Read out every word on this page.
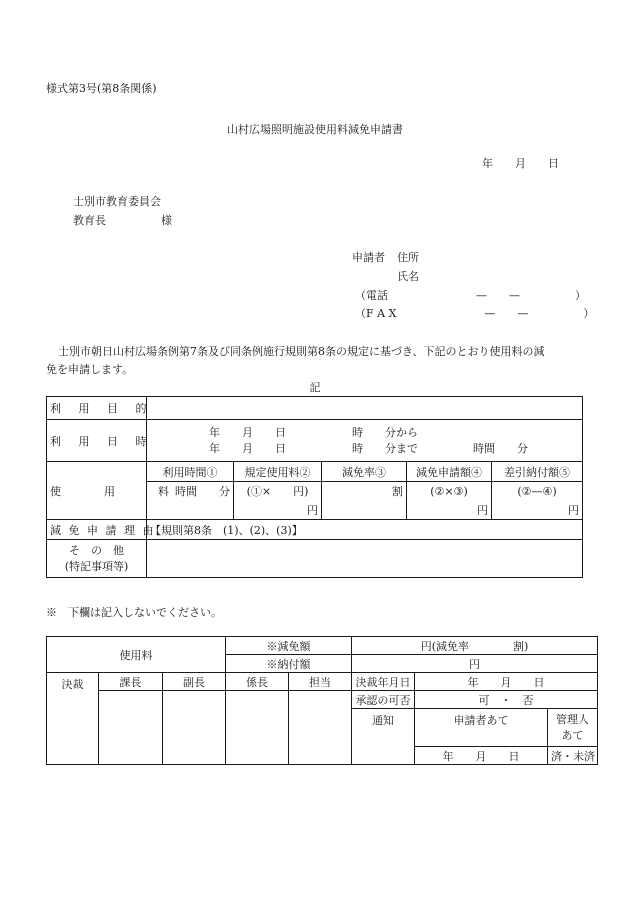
様式第3号(第8条関係)
山村広場照明施設使用料減免申請書
年　　月　　日
士別市教育委員会
教育長　　　　　様
申請者 住所
氏名
（電話　　　　　　　　—　　—　　　　　）
（F A X　　　　　　　　—　　—　　　　　）
士別市朝日山村広場条例第7条及び同条例施行規則第8条の規定に基づき、下記のとおり使用料の減
免を申請します。
記
利 用 目 的					
利 用 日 時	年　　月　　日　　　　　　時　　分から
年　　月　　日　　　　　　時　　分まで　　　　　時間　　分				

使　　用　　料	利用時間①	規定使用料②	減免率③	減免申請額④	差引納付額⑤
	時間　　分	(①×　　円)	割	(②×③)	(②—④)
		円		円	円
減 免 申 請 理 由	【規則第8条　(1)、(2)、(3)】				

そ　の　他
(特記事項等)					

※　下欄は記入しないでください。
使用料			※減免額		円(減免率　　　　割)		
			※納付額		円		
決裁	課長	副長	係長	担当	決裁年月日	年　　月　　日	
					承認の可否	可　・　否	
					通知	申請者あて	管理人
あて

						年　　月　　日	済・未済
